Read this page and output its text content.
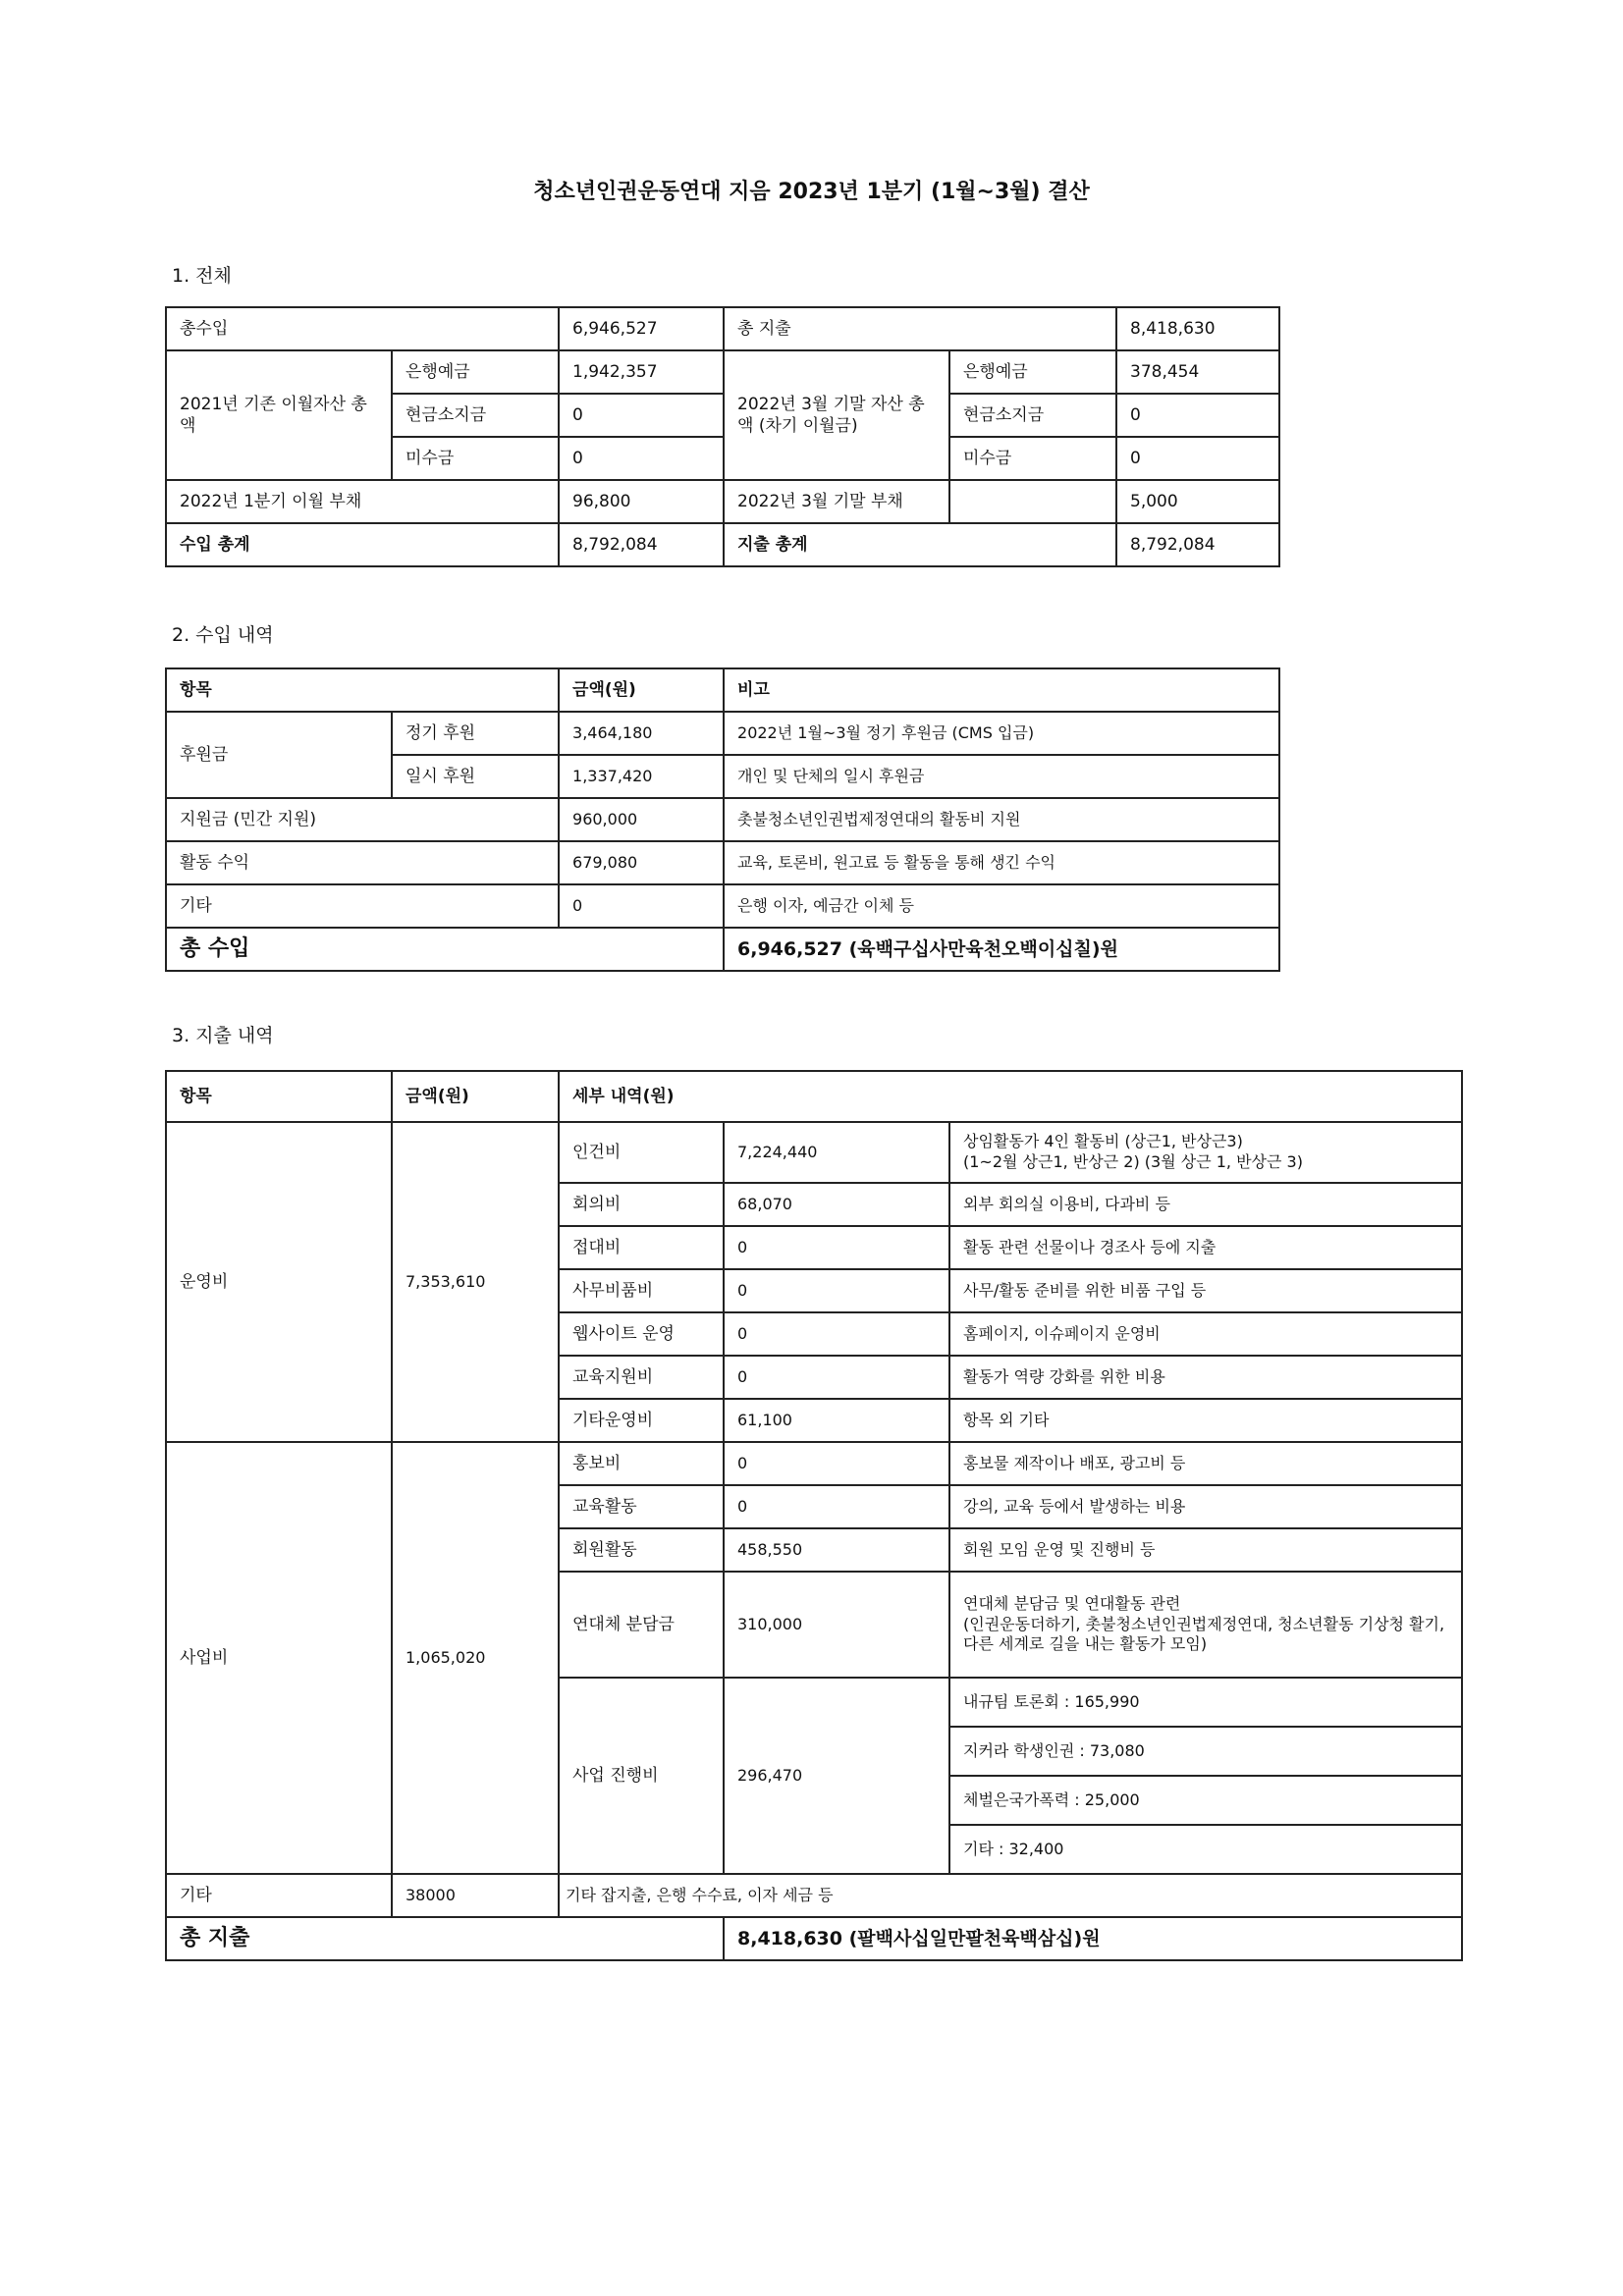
청소년인권운동연대 지음 2023년 1분기 (1월~3월) 결산
1. 전체
총수입		6,946,527	총 지출		8,418,630
2021년 기존 이월자산 총액	은행예금	1,942,357	2022년 3월 기말 자산 총액 (차기 이월금)	은행예금	378,454
	현금소지금	0		현금소지금	0
	미수금	0		미수금	0
2022년 1분기 이월 부채		96,800	2022년 3월 기말 부채		5,000
수입 총계		8,792,084	지출 총계		8,792,084
2. 수입 내역
항목		금액(원)	비고
후원금	정기 후원	3,464,180	2022년 1월~3월 정기 후원금 (CMS 입금)
	일시 후원	1,337,420	개인 및 단체의 일시 후원금
지원금 (민간 지원)		960,000	촛불청소년인권법제정연대의 활동비 지원
활동 수익		679,080	교육, 토론비, 원고료 등 활동을 통해 생긴 수익
기타		0	은행 이자, 예금간 이체 등
총 수입			6,946,527 (육백구십사만육천오백이십칠)원
3. 지출 내역
항목	금액(원)	세부 내역(원)		
운영비	7,353,610	인건비	7,224,440	상임활동가 4인 활동비 (상근1, 반상근3)
(1~2월 상근1, 반상근 2) (3월 상근 1, 반상근 3)

		회의비	68,070	외부 회의실 이용비, 다과비 등
		접대비	0	활동 관련 선물이나 경조사 등에 지출
		사무비품비	0	사무/활동 준비를 위한 비품 구입 등
		웹사이트 운영	0	홈페이지, 이슈페이지 운영비
		교육지원비	0	활동가 역량 강화를 위한 비용
		기타운영비	61,100	항목 외 기타
사업비	1,065,020	홍보비	0	홍보물 제작이나 배포, 광고비 등
		교육활동	0	강의, 교육 등에서 발생하는 비용
		회원활동	458,550	회원 모임 운영 및 진행비 등
		연대체 분담금	310,000	연대체 분담금 및 연대활동 관련
(인권운동더하기, 촛불청소년인권법제정연대, 청소년활동 기상청 활기, 다른 세계로 길을 내는 활동가 모임)

		사업 진행비	296,470	내규팀 토론회 : 165,990
				지커라 학생인권 : 73,080
				체벌은국가폭력 : 25,000
				기타 : 32,400
기타	38000	기타 잡지출, 은행 수수료, 이자 세금 등		
총 지출			8,418,630 (팔백사십일만팔천육백삼십)원	
